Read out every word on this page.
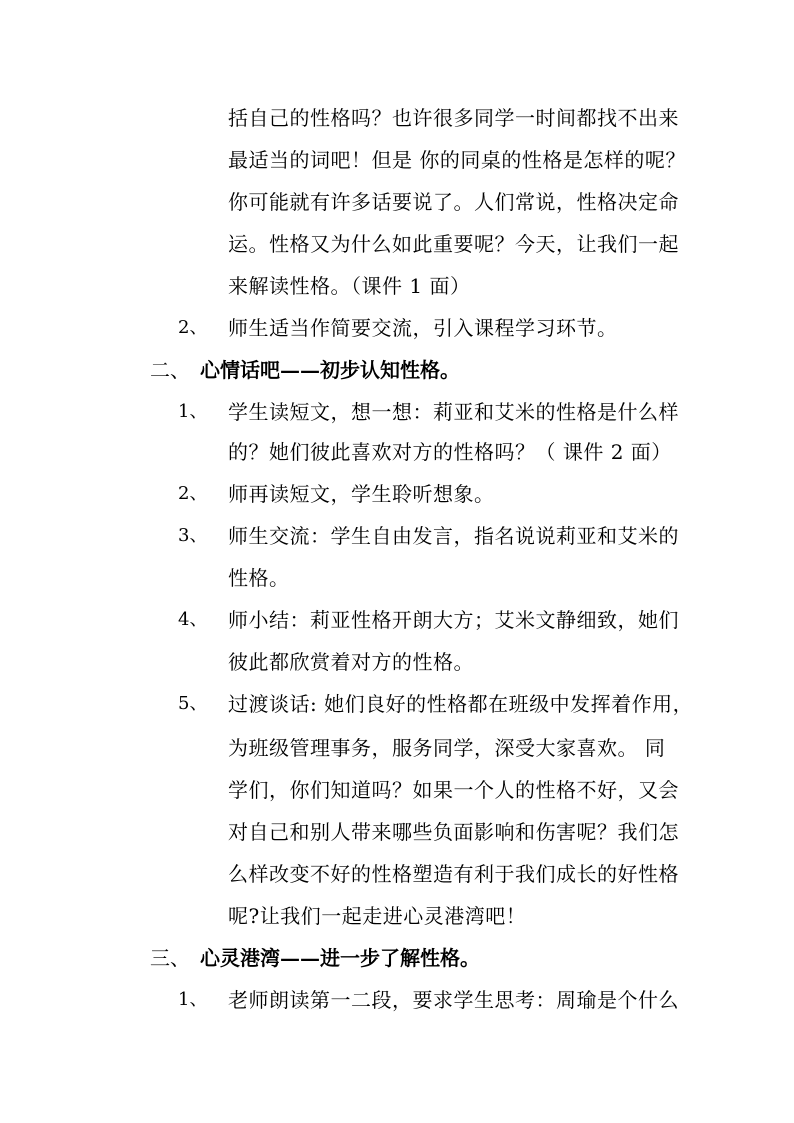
括自己的性格吗？也许很多同学一时间都找不出来
最适当的词吧！但是 你的同桌的性格是怎样的呢？
你可能就有许多话要说了。人们常说，性格决定命
运。性格又为什么如此重要呢？今天，让我们一起
来解读性格。（课件 1 面）
2、 师生适当作简要交流，引入课程学习环节。
二、 心情话吧——初步认知性格。
1、 学生读短文，想一想：莉亚和艾米的性格是什么样
的？她们彼此喜欢对方的性格吗？（ 课件 2 面）
2、 师再读短文，学生聆听想象。
3、 师生交流：学生自由发言，指名说说莉亚和艾米的
性格。
4、 师小结：莉亚性格开朗大方；艾米文静细致，她们
彼此都欣赏着对方的性格。
5、 过渡谈话: 她们良好的性格都在班级中发挥着作用，
为班级管理事务，服务同学，深受大家喜欢。 同
学们，你们知道吗？如果一个人的性格不好，又会
对自己和别人带来哪些负面影响和伤害呢？我们怎
么样改变不好的性格塑造有利于我们成长的好性格
呢?让我们一起走进心灵港湾吧！
三、 心灵港湾——进一步了解性格。
1、 老师朗读第一二段，要求学生思考：周瑜是个什么
